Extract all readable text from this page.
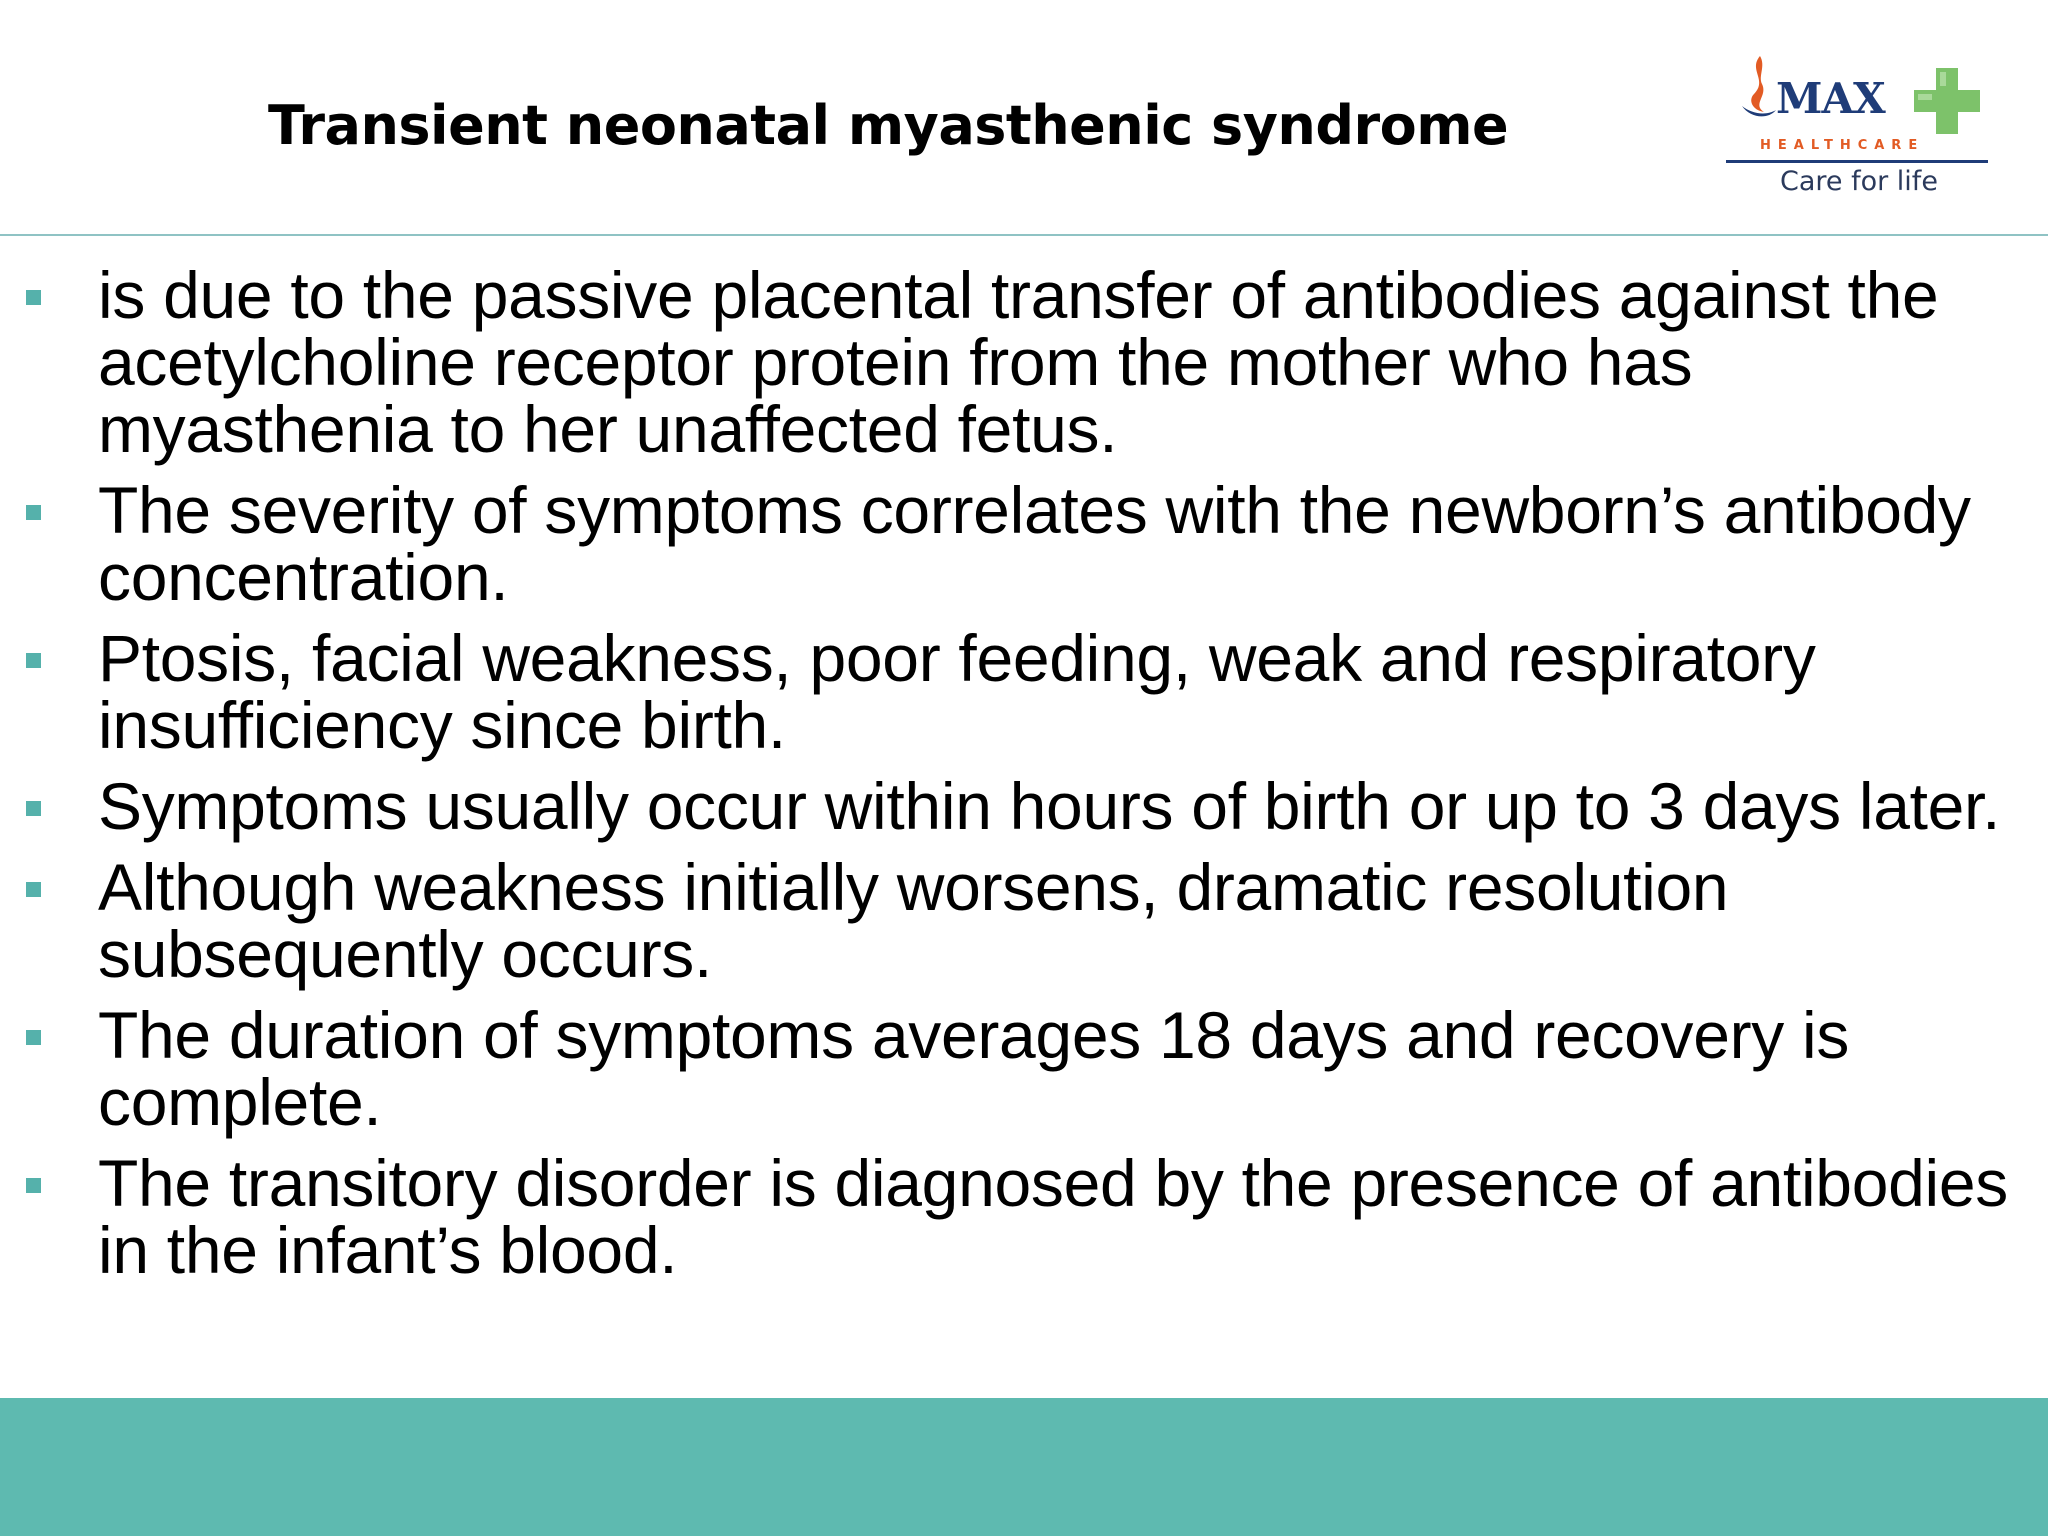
Transient neonatal myasthenic syndrome	MAX
HEALTHCARE
Care for life
is due to the passive placental transfer of antibodies against the acetylcholine receptor protein from the mother who has myasthenia to her unaffected fetus.
The severity of symptoms correlates with the newborn’s antibody concentration.
Ptosis, facial weakness, poor feeding, weak and respiratory insufficiency since birth.
Symptoms usually occur within hours of birth or up to 3 days later.
Although weakness initially worsens, dramatic resolution subsequently occurs.
The duration of symptoms averages 18 days and recovery is complete.
The transitory disorder is diagnosed by the presence of antibodies in the infant’s blood.
